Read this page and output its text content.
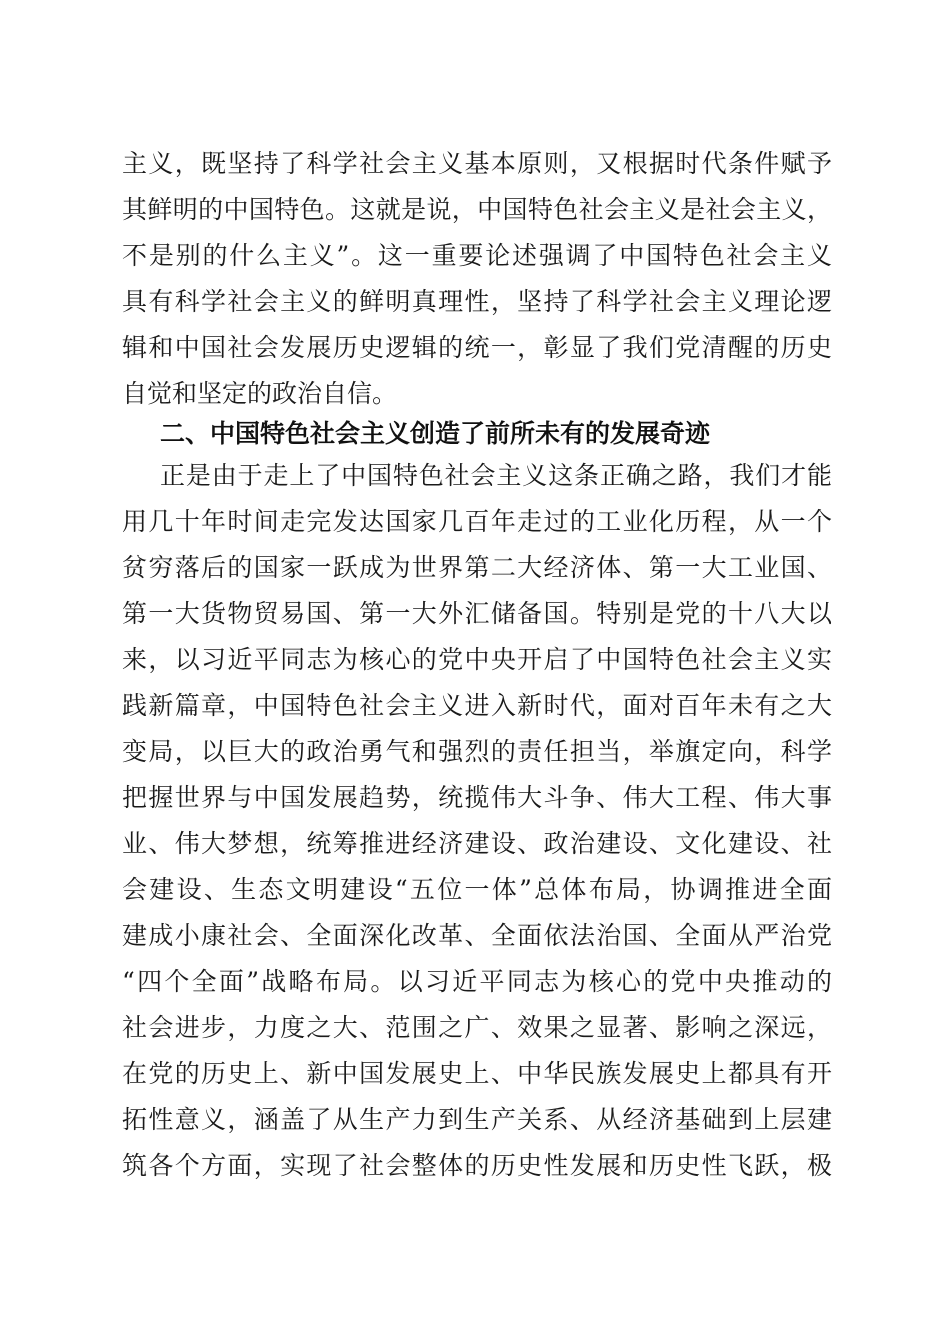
主义，既坚持了科学社会主义基本原则，又根据时代条件赋予
其鲜明的中国特色。这就是说，中国特色社会主义是社会主义，
不是别的什么主义”。这一重要论述强调了中国特色社会主义
具有科学社会主义的鲜明真理性，坚持了科学社会主义理论逻
辑和中国社会发展历史逻辑的统一，彰显了我们党清醒的历史
自觉和坚定的政治自信。
二、中国特色社会主义创造了前所未有的发展奇迹
正是由于走上了中国特色社会主义这条正确之路，我们才能
用几十年时间走完发达国家几百年走过的工业化历程，从一个
贫穷落后的国家一跃成为世界第二大经济体、第一大工业国、
第一大货物贸易国、第一大外汇储备国。特别是党的十八大以
来，以习近平同志为核心的党中央开启了中国特色社会主义实
践新篇章，中国特色社会主义进入新时代，面对百年未有之大
变局，以巨大的政治勇气和强烈的责任担当，举旗定向，科学
把握世界与中国发展趋势，统揽伟大斗争、伟大工程、伟大事
业、伟大梦想，统筹推进经济建设、政治建设、文化建设、社
会建设、生态文明建设“五位一体”总体布局，协调推进全面
建成小康社会、全面深化改革、全面依法治国、全面从严治党
“四个全面”战略布局。以习近平同志为核心的党中央推动的
社会进步，力度之大、范围之广、效果之显著、影响之深远，
在党的历史上、新中国发展史上、中华民族发展史上都具有开
拓性意义，涵盖了从生产力到生产关系、从经济基础到上层建
筑各个方面，实现了社会整体的历史性发展和历史性飞跃，极
